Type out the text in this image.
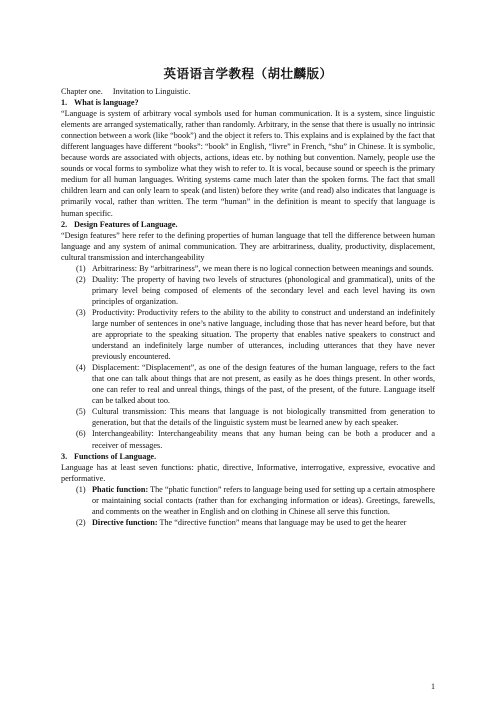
英语语言学教程（胡壮麟版）

Chapter one. Invitation to Linguistic.

1. What is language?

“Language is system of arbitrary vocal symbols used for human communication. It is a system, since linguistic elements are arranged systematically, rather than randomly. Arbitrary, in the sense that there is usually no intrinsic connection between a work (like “book”) and the object it refers to. This explains and is explained by the fact that different languages have different “books”: “book” in English, “livre” in French, “shu” in Chinese. It is symbolic, because words are associated with objects, actions, ideas etc. by nothing but convention. Namely, people use the sounds or vocal forms to symbolize what they wish to refer to. It is vocal, because sound or speech is the primary medium for all human languages. Writing systems came much later than the spoken forms. The fact that small children learn and can only learn to speak (and listen) before they write (and read) also indicates that language is primarily vocal, rather than written. The term “human” in the definition is meant to specify that language is human specific.

2. Design Features of Language.

“Design features” here refer to the defining properties of human language that tell the difference between human language and any system of animal communication. They are arbitrariness, duality, productivity, displacement, cultural transmission and interchangeability

(1) Arbitrariness: By “arbitrariness”, we mean there is no logical connection between meanings and sounds.
(2) Duality: The property of having two levels of structures (phonological and grammatical), units of the primary level being composed of elements of the secondary level and each level having its own principles of organization.
(3) Productivity: Productivity refers to the ability to the ability to construct and understand an indefinitely large number of sentences in one’s native language, including those that has never heard before, but that are appropriate to the speaking situation. The property that enables native speakers to construct and understand an indefinitely large number of utterances, including utterances that they have never previously encountered.
(4) Displacement: “Displacement”, as one of the design features of the human language, refers to the fact that one can talk about things that are not present, as easily as he does things present. In other words, one can refer to real and unreal things, things of the past, of the present, of the future. Language itself can be talked about too.
(5) Cultural transmission: This means that language is not biologically transmitted from generation to generation, but that the details of the linguistic system must be learned anew by each speaker.
(6) Interchangeability: Interchangeability means that any human being can be both a producer and a receiver of messages.

3. Functions of Language.

Language has at least seven functions: phatic, directive, Informative, interrogative, expressive, evocative and performative.

(1) Phatic function: The “phatic function” refers to language being used for setting up a certain atmosphere or maintaining social contacts (rather than for exchanging information or ideas). Greetings, farewells, and comments on the weather in English and on clothing in Chinese all serve this function.
(2) Directive function: The “directive function” means that language may be used to get the hearer
1
